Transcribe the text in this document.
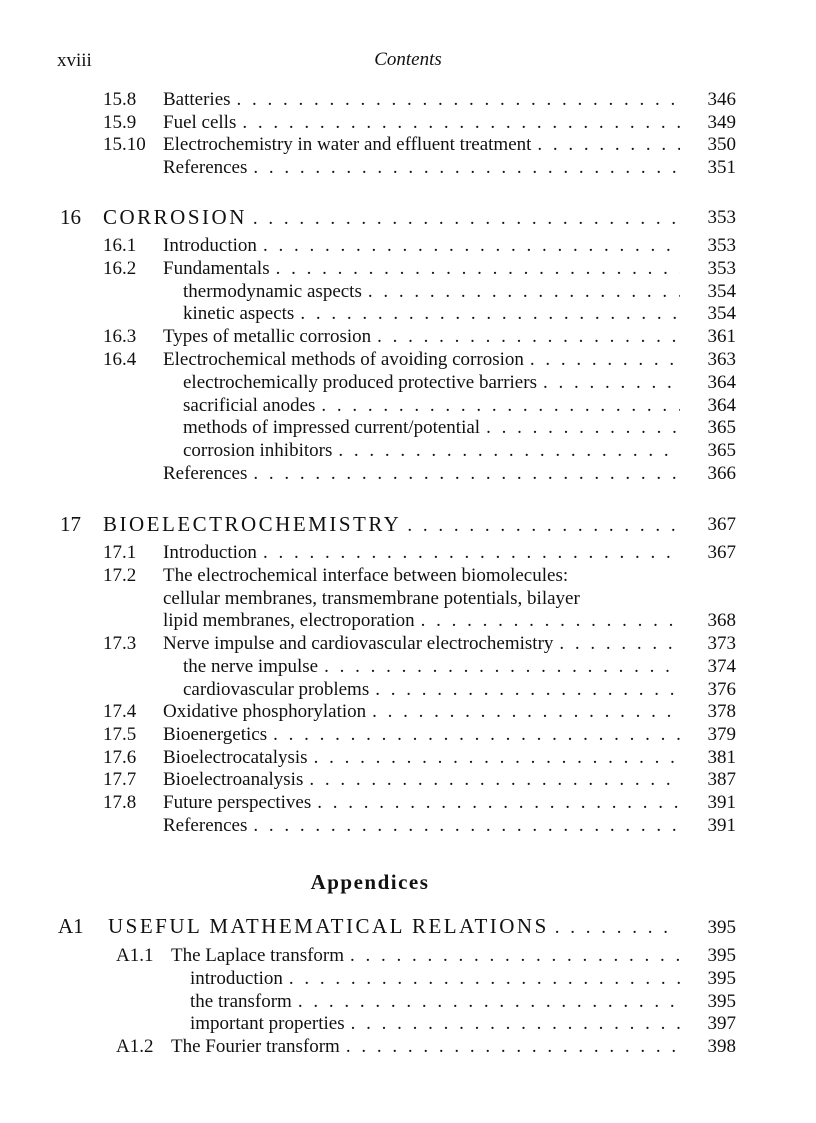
xviii	Contents
15.8 Batteries . . .	346
15.9 Fuel cells . . .	349
15.10 Electrochemistry in water and effluent treatment . . .	350
References . . .	351
16 CORROSION . . .	353
16.1 Introduction . . .	353
16.2 Fundamentals . . .	353
thermodynamic aspects . . .	354
kinetic aspects . . .	354
16.3 Types of metallic corrosion . . .	361
16.4 Electrochemical methods of avoiding corrosion . . .	363
electrochemically produced protective barriers . . .	364
sacrificial anodes . . .	364
methods of impressed current/potential . . .	365
corrosion inhibitors . . .	365
References . . .	366
17 BIOELECTROCHEMISTRY . . .	367
17.1 Introduction . . .	367
17.2 The electrochemical interface between biomolecules:
cellular membranes, transmembrane potentials, bilayer
lipid membranes, electroporation . . .	368
17.3 Nerve impulse and cardiovascular electrochemistry . . .	373
the nerve impulse . . .	374
cardiovascular problems . . .	376
17.4 Oxidative phosphorylation . . .	378
17.5 Bioenergetics . . .	379
17.6 Bioelectrocatalysis . . .	381
17.7 Bioelectroanalysis . . .	387
17.8 Future perspectives . . .	391
References . . .	391
Appendices
A1 USEFUL MATHEMATICAL RELATIONS . . .	395
A1.1 The Laplace transform . . .	395
introduction . . .	395
the transform . . .	395
important properties . . .	397
A1.2 The Fourier transform . . .	398
